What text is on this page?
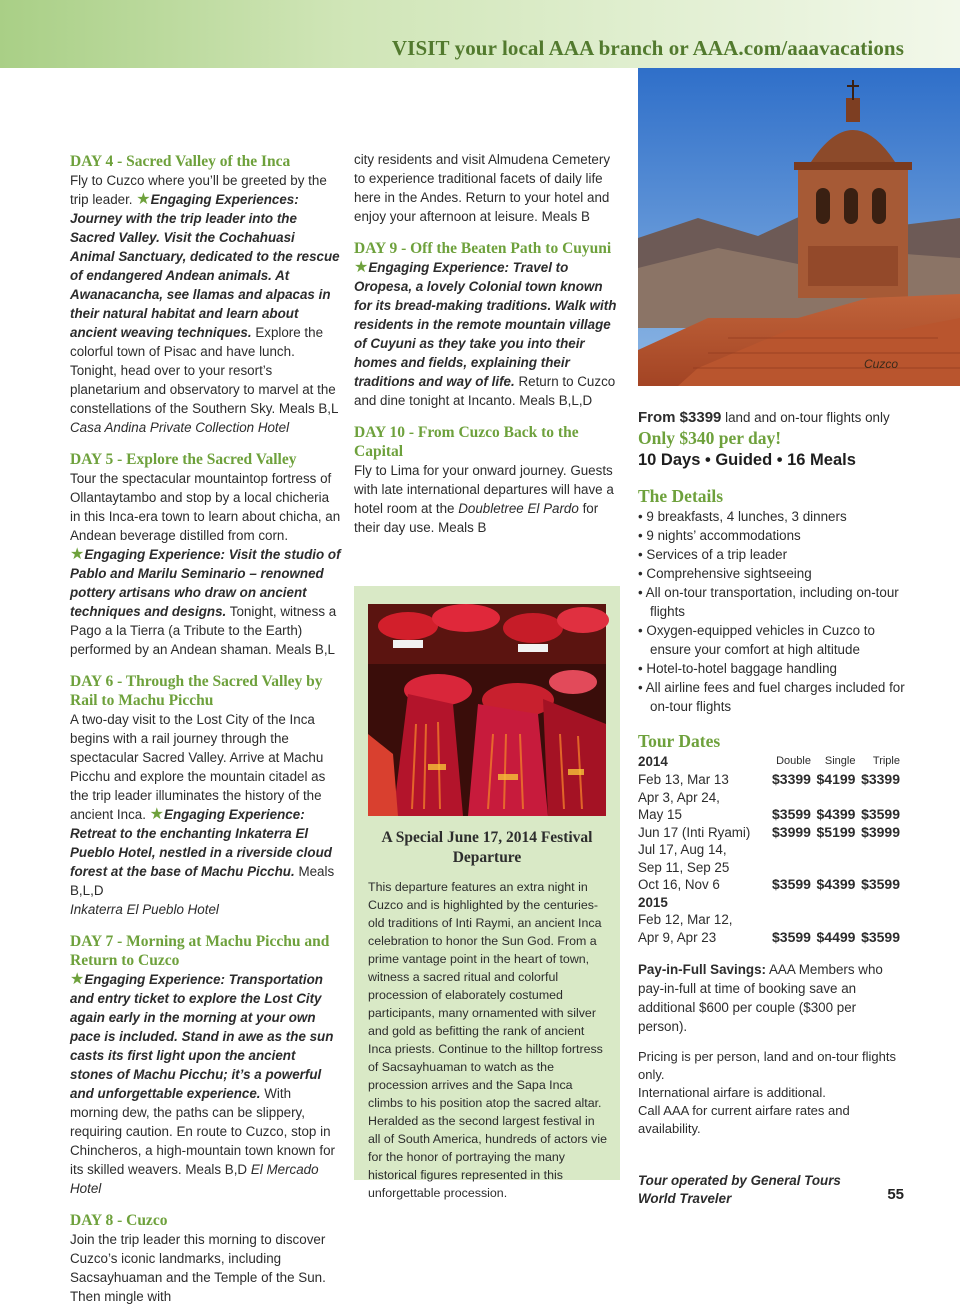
VISIT your local AAA branch or AAA.com/aaavacations
DAY 4 - Sacred Valley of the Inca

Fly to Cuzco where you’ll be greeted by the trip leader. ★Engaging Experiences: Journey with the trip leader into the Sacred Valley. Visit the Cochahuasi Animal Sanctuary, dedicated to the rescue of endangered Andean animals. At Awanacancha, see llamas and alpacas in their natural habitat and learn about ancient weaving techniques. Explore the colorful town of Pisac and have lunch. Tonight, head over to your resort’s planetarium and observatory to marvel at the constellations of the Southern Sky. Meals B,L

Casa Andina Private Collection Hotel

DAY 5 - Explore the Sacred Valley

Tour the spectacular mountaintop fortress of Ollantaytambo and stop by a local chicheria in this Inca-era town to learn about chicha, an Andean beverage distilled from corn. ★Engaging Experience: Visit the studio of Pablo and Marilu Seminario – renowned pottery artisans who draw on ancient techniques and designs. Tonight, witness a Pago a la Tierra (a Tribute to the Earth) performed by an Andean shaman. Meals B,L

DAY 6 - Through the Sacred Valley by Rail to Machu Picchu

A two-day visit to the Lost City of the Inca begins with a rail journey through the spectacular Sacred Valley. Arrive at Machu Picchu and explore the mountain citadel as the trip leader illuminates the history of the ancient Inca. ★Engaging Experience: Retreat to the enchanting Inkaterra El Pueblo Hotel, nestled in a riverside cloud forest at the base of Machu Picchu. Meals B,L,D

Inkaterra El Pueblo Hotel

DAY 7 - Morning at Machu Picchu and Return to Cuzco

★Engaging Experience: Transportation and entry ticket to explore the Lost City again early in the morning at your own pace is included. Stand in awe as the sun casts its first light upon the ancient stones of Machu Picchu; it’s a powerful and unforgettable experience. With morning dew, the paths can be slippery, requiring caution. En route to Cuzco, stop in Chincheros, a high-mountain town known for its skilled weavers. Meals B,D El Mercado Hotel

DAY 8 - Cuzco

Join the trip leader this morning to discover Cuzco’s iconic landmarks, including Sacsayhuaman and the Temple of the Sun. Then mingle with

city residents and visit Almudena Cemetery to experience traditional facets of daily life here in the Andes. Return to your hotel and enjoy your afternoon at leisure. Meals B

DAY 9 - Off the Beaten Path to Cuyuni

★Engaging Experience: Travel to Oropesa, a lovely Colonial town known for its bread-making traditions. Walk with residents in the remote mountain village of Cuyuni as they take you into their homes and fields, explaining their traditions and way of life. Return to Cuzco and dine tonight at Incanto. Meals B,L,D

DAY 10 - From Cuzco Back to the Capital

Fly to Lima for your onward journey. Guests with late international departures will have a hotel room at the Doubletree El Pardo for their day use. Meals B

A Special June 17, 2014 Festival Departure

This departure features an extra night in Cuzco and is highlighted by the centuries-old traditions of Inti Raymi, an ancient Inca celebration to honor the Sun God. From a prime vantage point in the heart of town, witness a sacred ritual and colorful procession of elaborately costumed participants, many ornamented with silver and gold as befitting the rank of ancient Inca priests. Continue to the hilltop fortress of Sacsayhuaman to watch as the procession arrives and the Sapa Inca climbs to his position atop the sacred altar. Heralded as the second largest festival in all of South America, hundreds of actors vie for the honor of portraying the many historical figures represented in this unforgettable procession.

Cuzco

From $3399 land and on-tour flights only

Only $340 per day!
10 Days • Guided • 16 Meals
The Details
• 9 breakfasts, 4 lunches, 3 dinners
• 9 nights’ accommodations
• Services of a trip leader
• Comprehensive sightseeing
• All on-tour transportation, including on-tour flights
• Oxygen-equipped vehicles in Cuzco to ensure your comfort at high altitude
• Hotel-to-hotel baggage handling
• All airline fees and fuel charges included for on-tour flights
Tour Dates
2014	Double	Single	Triple
Feb 13, Mar 13	$3399	$4199	$3399
Apr 3, Apr 24,			
May 15	$3599	$4399	$3599
Jun 17 (Inti Ryami)	$3999	$5199	$3999
Jul 17, Aug 14,			
Sep 11, Sep 25			
Oct 16, Nov 6	$3599	$4399	$3599
2015			
Feb 12, Mar 12,			
Apr 9, Apr 23	$3599	$4499	$3599

Pay-in-Full Savings: AAA Members who pay-in-full at time of booking save an additional $600 per couple ($300 per person).

Pricing is per person, land and on-tour flights only.
International airfare is additional.
Call AAA for current airfare rates and availability.
Tour operated by General Tours
World Traveler	55
